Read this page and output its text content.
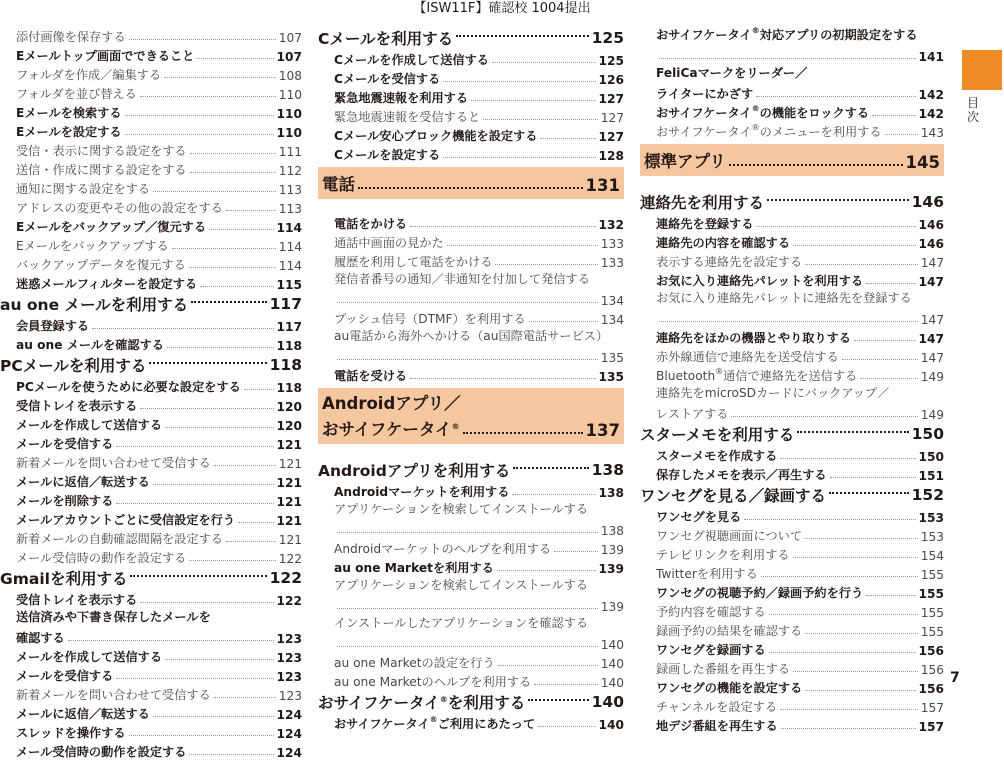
【ISW11F】確認校 1004提出
添付画像を保存する	107
Eメールトップ画面でできること	107
フォルダを作成／編集する	108
フォルダを並び替える	110
Eメールを検索する	110
Eメールを設定する	110
受信・表示に関する設定をする	111
送信・作成に関する設定をする	112
通知に関する設定をする	113
アドレスの変更やその他の設定をする	113
Eメールをバックアップ／復元する	114
Eメールをバックアップする	114
バックアップデータを復元する	114
迷惑メールフィルターを設定する	115
au one メールを利用する	117
会員登録する	117
au one メールを確認する	118
PCメールを利用する	118
PCメールを使うために必要な設定をする	118
受信トレイを表示する	120
メールを作成して送信する	120
メールを受信する	121
新着メールを問い合わせて受信する	121
メールに返信／転送する	121
メールを削除する	121
メールアカウントごとに受信設定を行う	121
新着メールの自動確認間隔を設定する	121
メール受信時の動作を設定する	122
Gmailを利用する	122
受信トレイを表示する	122
送信済みや下書き保存したメールを
確認する	123
メールを作成して送信する	123
メールを受信する	123
新着メールを問い合わせて受信する	123
メールに返信／転送する	124
スレッドを操作する	124
メール受信時の動作を設定する	124
Cメールを利用する	125
Cメールを作成して送信する	125
Cメールを受信する	126
緊急地震速報を利用する	127
緊急地震速報を受信すると	127
Cメール安心ブロック機能を設定する	127
Cメールを設定する	128
電話	131
電話をかける	132
通話中画面の見かた	133
履歴を利用して電話をかける	133
発信者番号の通知／非通知を付加して発信する
134
プッシュ信号（DTMF）を利用する	134
au電話から海外へかける（au国際電話サービス）
135
電話を受ける	135
Androidアプリ／
おサイフケータイ®	137
Androidアプリを利用する	138
Androidマーケットを利用する	138
アプリケーションを検索してインストールする
138
Androidマーケットのヘルプを利用する	139
au one Marketを利用する	139
アプリケーションを検索してインストールする
139
インストールしたアプリケーションを確認する
140
au one Marketの設定を行う	140
au one Marketのヘルプを利用する	140
おサイフケータイ®を利用する	140
おサイフケータイ®ご利用にあたって	140
おサイフケータイ®対応アプリの初期設定をする
141
FeliCaマークをリーダー／
ライターにかざす	142
おサイフケータイ®の機能をロックする	142
おサイフケータイ®のメニューを利用する	143
標準アプリ	145
連絡先を利用する	146
連絡先を登録する	146
連絡先の内容を確認する	146
表示する連絡先を設定する	147
お気に入り連絡先パレットを利用する	147
お気に入り連絡先パレットに連絡先を登録する
147
連絡先をほかの機器とやり取りする	147
赤外線通信で連絡先を送受信する	147
Bluetooth®通信で連絡先を送信する	149
連絡先をmicroSDカードにバックアップ／
レストアする	149
スターメモを利用する	150
スターメモを作成する	150
保存したメモを表示／再生する	151
ワンセグを見る／録画する	152
ワンセグを見る	153
ワンセグ視聴画面について	153
テレビリンクを利用する	154
Twitterを利用する	155
ワンセグの視聴予約／録画予約を行う	155
予約内容を確認する	155
録画予約の結果を確認する	155
ワンセグを録画する	156
録画した番組を再生する	156
ワンセグの機能を設定する	156
チャンネルを設定する	157
地デジ番組を再生する	157
目次
7
